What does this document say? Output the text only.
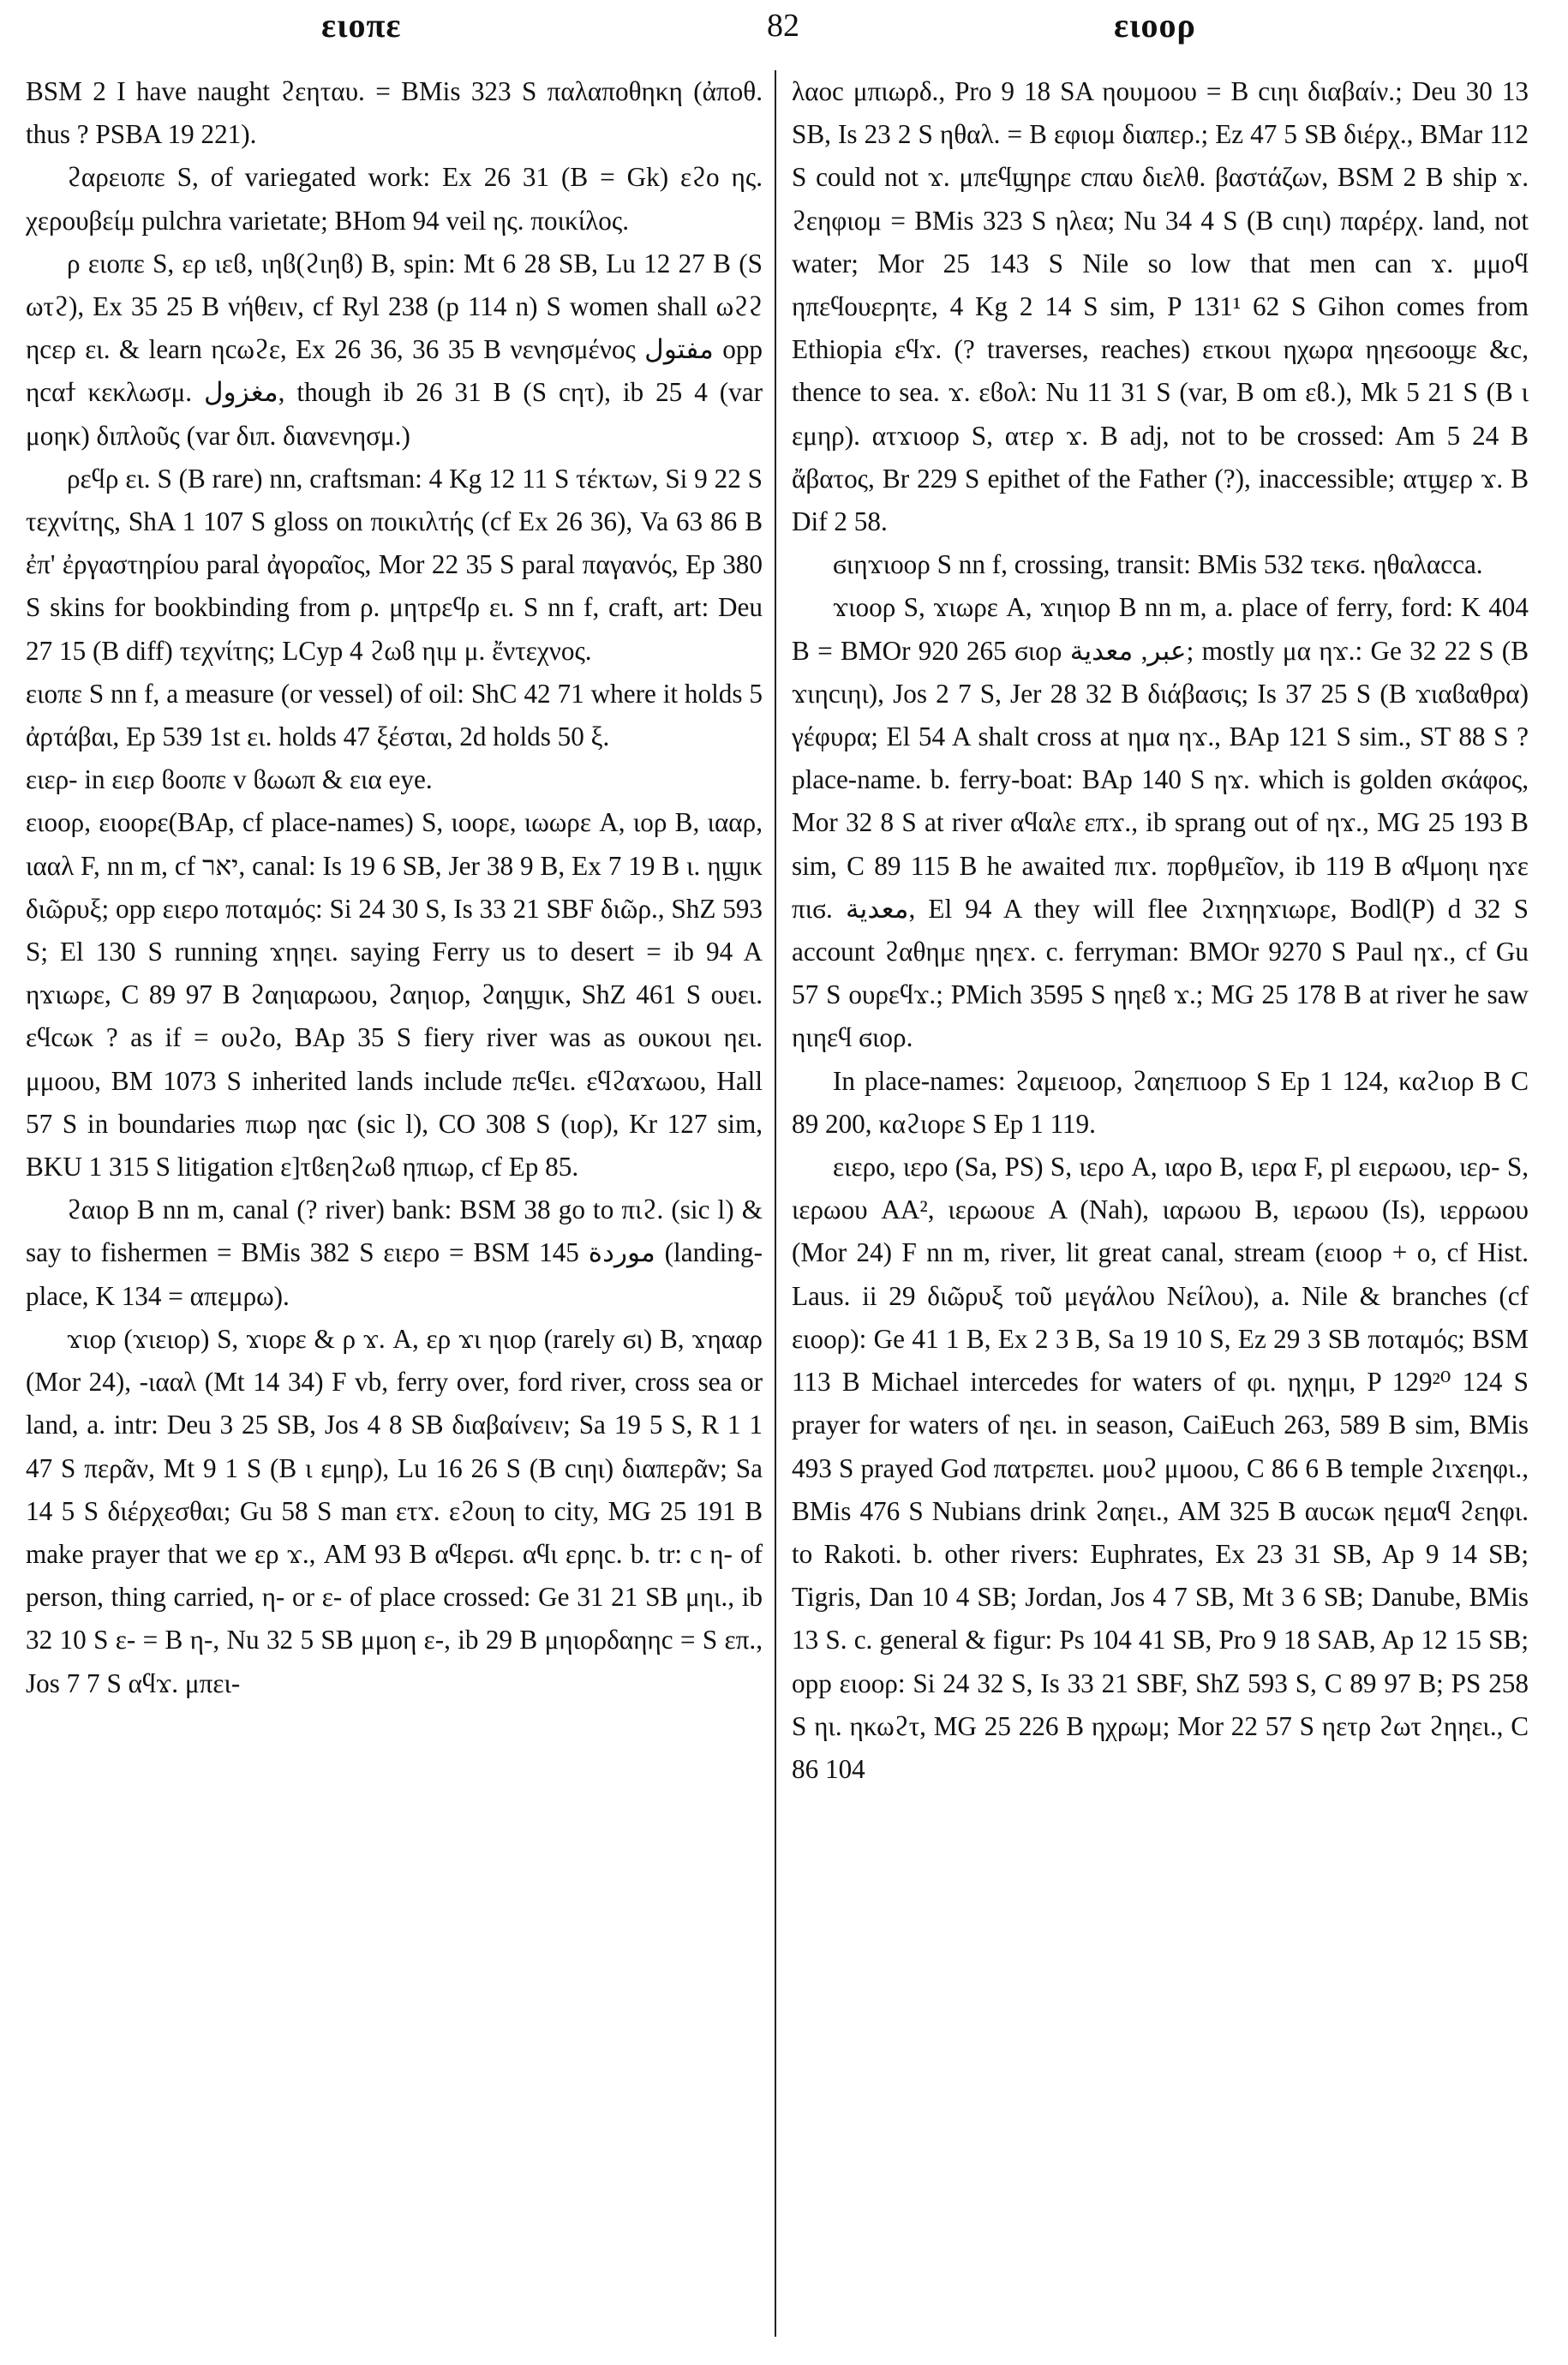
ειοπε	82	ειοορ

BSM 2 I have naught ϩεηταυ. = BMis 323 S παλαποθηκη (ἀποθ. thus ? PSBA 19 221).

ϩαρειοπε S, of variegated work: Ex 26 31 (B = Gk) εϩο ης. χερουβείμ pulchra varietate; BHom 94 veil ης. ποικίλος.

ρ ειοπε S, ερ ιεϐ, ιηϐ(ϩιηϐ) B, spin: Mt 6 28 SB, Lu 12 27 B (S ωτϩ), Ex 35 25 B νήθειν, cf Ryl 238 (p 114 n) S women shall ωϩϩ ηcερ ει. & learn ηcωϩε, Ex 26 36, 36 35 B νενησμένος مفتول opp ηcαϯ κεκλωσμ. مغزول, though ib 26 31 B (S cητ), ib 25 4 (var μοηκ) διπλοῦς (var διπ. διανενησμ.)

ρεϥρ ει. S (B rare) nn, craftsman: 4 Kg 12 11 S τέκτων, Si 9 22 S τεχνίτης, ShA 1 107 S gloss on ποικιλτής (cf Ex 26 36), Va 63 86 B ἐπ' ἐργαστηρίου paral ἀγοραῖος, Mor 22 35 S paral παγανός, Ep 380 S skins for bookbinding from ρ. μητρεϥρ ει. S nn f, craft, art: Deu 27 15 (B diff) τεχνίτης; LCyp 4 ϩωϐ ηιμ μ. ἔντεχνος.

ειοπε S nn f, a measure (or vessel) of oil: ShC 42 71 where it holds 5 ἀρτάβαι, Ep 539 1st ει. holds 47 ξέσται, 2d holds 50 ξ.

ειερ- in ειερ ϐοοπε v ϐωωπ & εια eye.

ειοορ, ειοορε(BAp, cf place-names) S, ιοορε, ιωωρε A, ιορ B, ιααρ, ιααλ F, nn m, cf יאר, canal: Is 19 6 SB, Jer 38 9 B, Ex 7 19 B ι. ηϣικ διῶρυξ; opp ειερο ποταμός: Si 24 30 S, Is 33 21 SBF διῶρ., ShZ 593 S; El 130 S running ϫηηει. saying Ferry us to desert = ib 94 A ηϫιωρε, C 89 97 B ϩαηιαρωου, ϩαηιορ, ϩαηϣικ, ShZ 461 S ουει. εϥcωκ ? as if = ουϩο, BAp 35 S fiery river was as ουκουι ηει. μμοου, BM 1073 S inherited lands include πεϥει. εϥϩαϫωου, Hall 57 S in boundaries πιωρ ηαc (sic l), CO 308 S (ιορ), Kr 127 sim, BKU 1 315 S litigation ε]τϐεηϩωϐ ηπιωρ, cf Ep 85.

ϩαιορ B nn m, canal (? river) bank: BSM 38 go to πιϩ. (sic l) & say to fishermen = BMis 382 S ειερο = BSM 145 موردة (landing-place, K 134 = απεμρω).

ϫιορ (ϫιειορ) S, ϫιορε & ρ ϫ. A, ερ ϫι ηιορ (rarely ϭι) B, ϫηααρ (Mor 24), -ιααλ (Mt 14 34) F vb, ferry over, ford river, cross sea or land, a. intr: Deu 3 25 SB, Jos 4 8 SB διαβαίνειν; Sa 19 5 S, R 1 1 47 S περᾶν, Mt 9 1 S (B ι εμηρ), Lu 16 26 S (B cιηι) διαπερᾶν; Sa 14 5 S διέρχεσθαι; Gu 58 S man ετϫ. εϩουη to city, MG 25 191 B make prayer that we ερ ϫ., AM 93 B αϥερϭι. αϥι ερηc. b. tr: c η- of person, thing carried, η- or ε- of place crossed: Ge 31 21 SB μηι., ib 32 10 S ε- = B η-, Nu 32 5 SB μμοη ε-, ib 29 B μηιορδαηηc = S επ., Jos 7 7 S αϥϫ. μπει-

λαοc μπιωρδ., Pro 9 18 SA ηουμοου = B cιηι διαβαίν.; Deu 30 13 SB, Is 23 2 S ηθαλ. = B εφιομ διαπερ.; Ez 47 5 SB διέρχ., BMar 112 S could not ϫ. μπεϥϣηρε cπαυ διελθ. βαστάζων, BSM 2 B ship ϫ. ϩεηφιομ = BMis 323 S ηλεα; Nu 34 4 S (B cιηι) παρέρχ. land, not water; Mor 25 143 S Nile so low that men can ϫ. μμοϥ ηπεϥουερητε, 4 Kg 2 14 S sim, P 131¹ 62 S Gihon comes from Ethiopia εϥϫ. (? traverses, reaches) ετκουι ηχωρα ηηεϭοοϣε &c, thence to sea. ϫ. εϐολ: Nu 11 31 S (var, B om εϐ.), Mk 5 21 S (B ι εμηρ). ατϫιοορ S, ατερ ϫ. B adj, not to be crossed: Am 5 24 B ἄβατος, Br 229 S epithet of the Father (?), inaccessible; ατϣερ ϫ. B Dif 2 58.

ϭιηϫιοορ S nn f, crossing, transit: BMis 532 τεκϭ. ηθαλαcca.

ϫιοορ S, ϫιωρε A, ϫιηιορ B nn m, a. place of ferry, ford: K 404 B = BMOr 920 265 ϭιορ عبر, معدية; mostly μα ηϫ.: Ge 32 22 S (B ϫιηcιηι), Jos 2 7 S, Jer 28 32 B διάβασις; Is 37 25 S (B ϫιαϐαθρα) γέφυρα; El 54 A shalt cross at ημα ηϫ., BAp 121 S sim., ST 88 S ? place-name. b. ferry-boat: BAp 140 S ηϫ. which is golden σκάφος, Mor 32 8 S at river αϥαλε επϫ., ib sprang out of ηϫ., MG 25 193 B sim, C 89 115 B he awaited πιϫ. πορθμεῖον, ib 119 B αϥμοηι ηϫε πιϭ. معدية, El 94 A they will flee ϩιϫηηϫιωρε, Bodl(P) d 32 S account ϩαθημε ηηεϫ. c. ferryman: BMOr 9270 S Paul ηϫ., cf Gu 57 S ουρεϥϫ.; PMich 3595 S ηηεϐ ϫ.; MG 25 178 B at river he saw ηιηεϥ ϭιορ.

In place-names: ϩαμειοορ, ϩαηεπιοορ S Ep 1 124, καϩιορ B C 89 200, καϩιορε S Ep 1 119.

ειερο, ιερο (Sa, PS) S, ιερο A, ιαρο B, ιερα F, pl ειερωου, ιερ- S, ιερωου AA², ιερωουε A (Nah), ιαρωου B, ιερωου (Is), ιερρωου (Mor 24) F nn m, river, lit great canal, stream (ειοορ + ο, cf Hist. Laus. ii 29 διῶρυξ τοῦ μεγάλου Νείλου), a. Nile & branches (cf ειοορ): Ge 41 1 B, Ex 2 3 B, Sa 19 10 S, Ez 29 3 SB ποταμός; BSM 113 B Michael intercedes for waters of φι. ηχημι, P 129²⁰ 124 S prayer for waters of ηει. in season, CaiEuch 263, 589 B sim, BMis 493 S prayed God πατρεπει. μουϩ μμοου, C 86 6 B temple ϩιϫεηφι., BMis 476 S Nubians drink ϩαηει., AM 325 B αυcωκ ηεμαϥ ϩεηφι. to Rakoti. b. other rivers: Euphrates, Ex 23 31 SB, Ap 9 14 SB; Tigris, Dan 10 4 SB; Jordan, Jos 4 7 SB, Mt 3 6 SB; Danube, BMis 13 S. c. general & figur: Ps 104 41 SB, Pro 9 18 SAB, Ap 12 15 SB; opp ειοορ: Si 24 32 S, Is 33 21 SBF, ShZ 593 S, C 89 97 B; PS 258 S ηι. ηκωϩτ, MG 25 226 B ηχρωμ; Mor 22 57 S ηετρ ϩωτ ϩηηει., C 86 104
